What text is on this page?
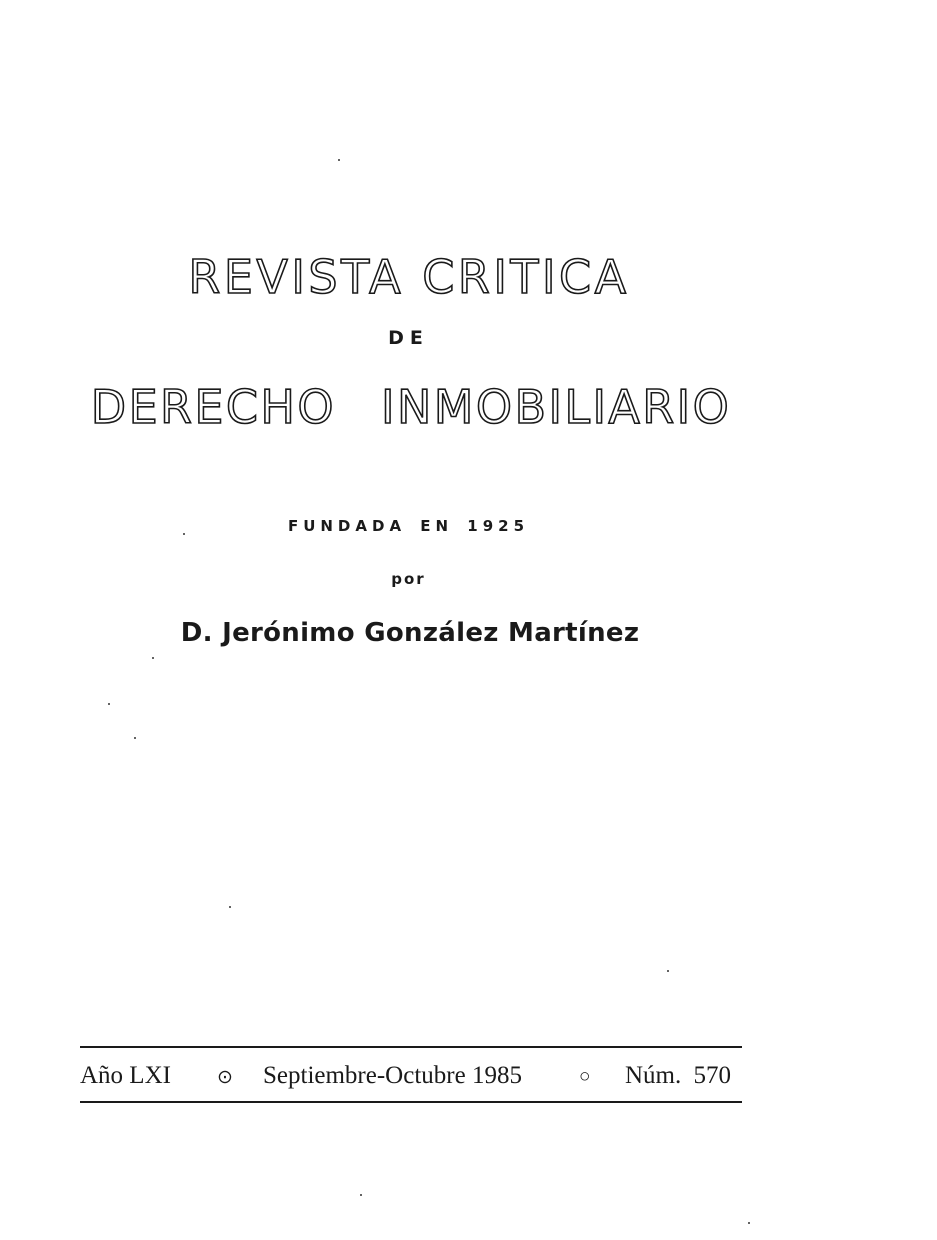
REVISTA CRITICA
DE
DERECHO INMOBILIARIO
FUNDADA EN 1925
por
D. Jerónimo González Martínez
Año LXI ⊙ Septiembre-Octubre 1985	○ Núm. 570
